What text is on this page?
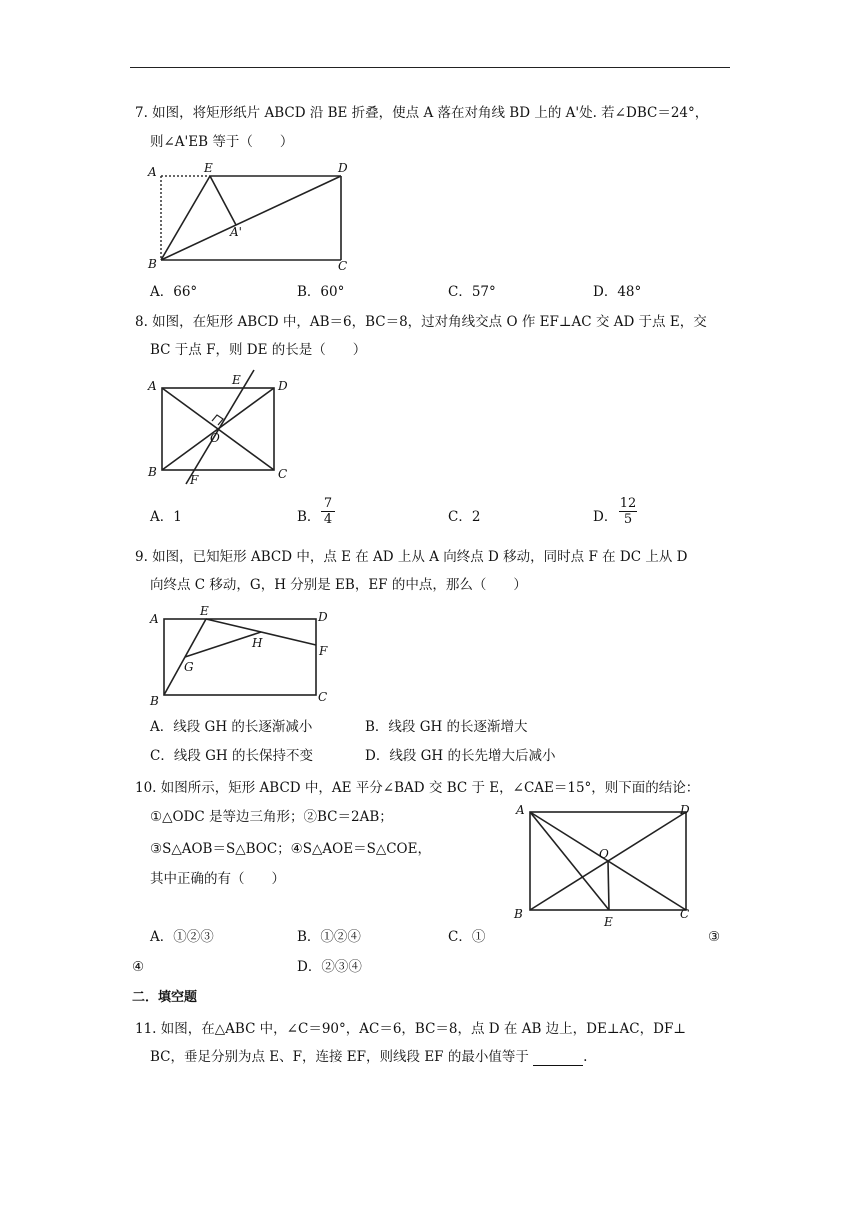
7. 如图，将矩形纸片 ABCD 沿 BE 折叠，使点 A 落在对角线 BD 上的 A'处. 若∠DBC＝24°，
则∠A'EB 等于（　　）
A	E	D
A'
B	C
A．66°	B．60°	C．57°	D．48°
8. 如图，在矩形 ABCD 中，AB＝6，BC＝8，过对角线交点 O 作 EF⊥AC 交 AD 于点 E，交
BC 于点 F，则 DE 的长是（　　）
A	E	D
O
B
F	C
A．1	B．
7
4	C．2	D．
12
5
9. 如图，已知矩形 ABCD 中，点 E 在 AD 上从 A 向终点 D 移动，同时点 F 在 DC 上从 D
向终点 C 移动，G，H 分别是 EB，EF 的中点，那么（　　）
A
E	D
H
F
G
B	C
A．线段 GH 的长逐渐减小	B．线段 GH 的长逐渐增大
C．线段 GH 的长保持不变	D．线段 GH 的长先增大后减小
10. 如图所示，矩形 ABCD 中，AE 平分∠BAD 交 BC 于 E，∠CAE＝15°，则下面的结论：
①△ODC 是等边三角形；②BC＝2AB；
③S△AOB＝S△BOC；④S△AOE＝S△COE，
其中正确的有（　　）
A	D
O
B
E
C
A．①②③	B．①②④	C．①	③
④	D．②③④
二．填空题
11. 如图，在△ABC 中，∠C＝90°，AC＝6，BC＝8，点 D 在 AB 边上，DE⊥AC，DF⊥
BC，垂足分别为点 E、F，连接 EF，则线段 EF 的最小值等于	.
